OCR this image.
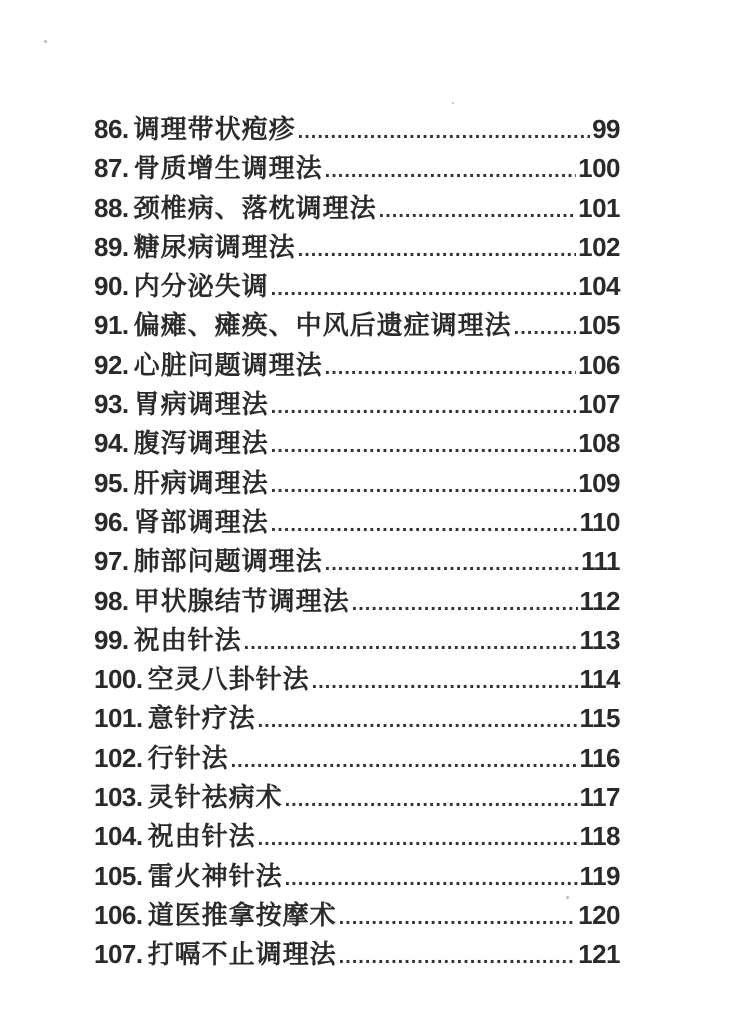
86. 调理带状疱疹 .....	99
87. 骨质增生调理法 .....	100
88. 颈椎病、落枕调理法 .....	101
89. 糖尿病调理法 .....	102
90. 内分泌失调 .....	104
91. 偏瘫、瘫痪、中风后遗症调理法 .....	105
92. 心脏问题调理法 .....	106
93. 胃病调理法 .....	107
94. 腹泻调理法 .....	108
95. 肝病调理法 .....	109
96. 肾部调理法 .....	110
97. 肺部问题调理法 .....	111
98. 甲状腺结节调理法 .....	112
99. 祝由针法 .....	113
100. 空灵八卦针法 .....	114
101. 意针疗法 .....	115
102. 行针法 .....	116
103. 灵针祛病术 .....	117
104. 祝由针法 .....	118
105. 雷火神针法 .....	119
106. 道医推拿按摩术 .....	120
107. 打嗝不止调理法 .....	121
